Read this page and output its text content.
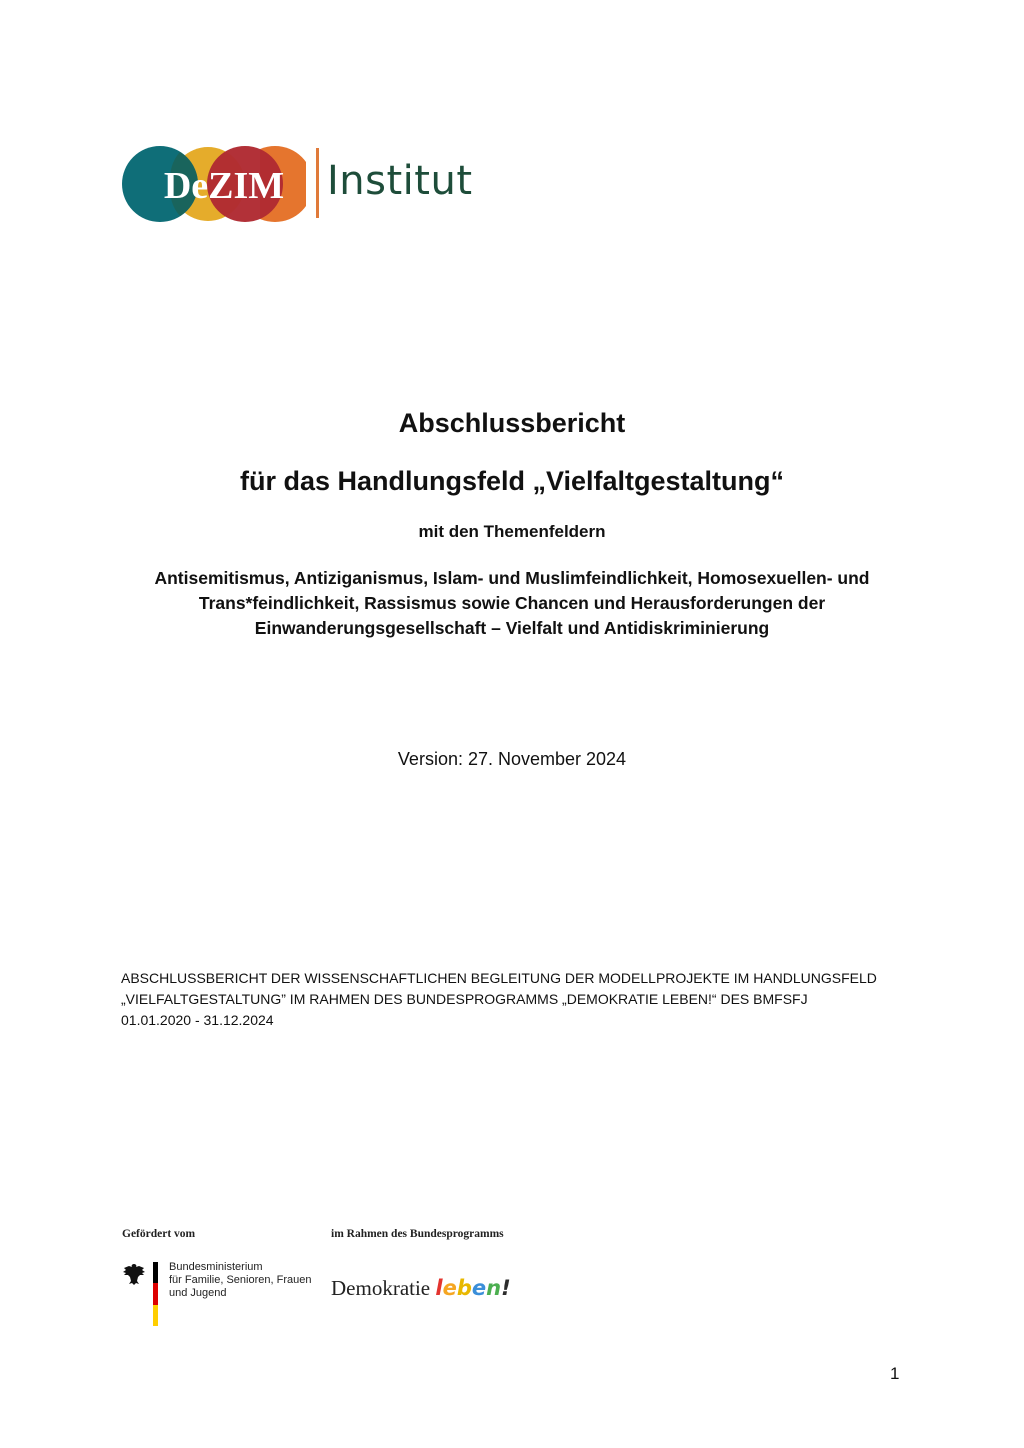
DeZIM Institut
Abschlussbericht
für das Handlungsfeld „Vielfaltgestaltung“
mit den Themenfeldern
Antisemitismus, Antiziganismus, Islam- und Muslimfeindlichkeit, Homosexuellen- und Trans*feindlichkeit, Rassismus sowie Chancen und Herausforderungen der Einwanderungsgesellschaft – Vielfalt und Antidiskriminierung
Version: 27. November 2024
ABSCHLUSSBERICHT DER WISSENSCHAFTLICHEN BEGLEITUNG DER MODELLPROJEKTE IM HANDLUNGSFELD
„VIELFALTGESTALTUNG” IM RAHMEN DES BUNDESPROGRAMMS „DEMOKRATIE LEBEN!“ DES BMFSFJ
01.01.2020 - 31.12.2024
Gefördert vom	im Rahmen des Bundesprogramms
Bundesministerium
für Familie, Senioren, Frauen
und Jugend	Demokratie leben!
1
